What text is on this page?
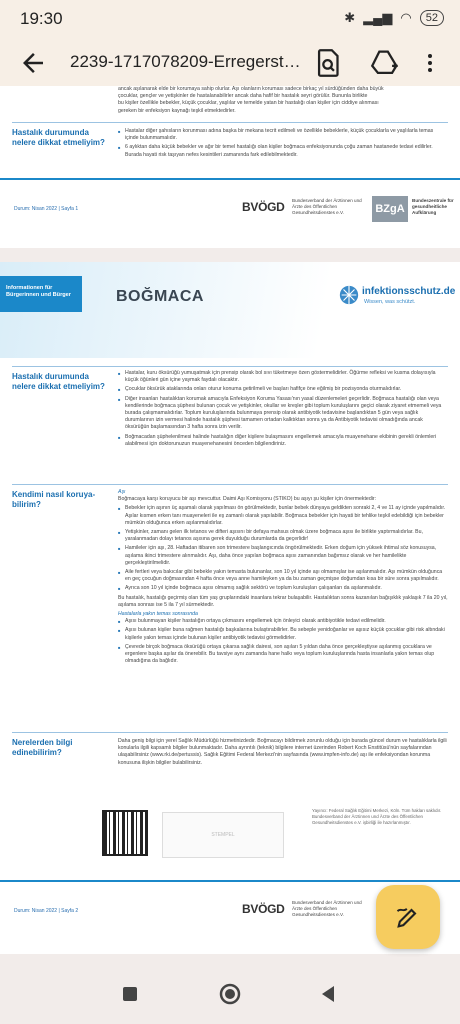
19:30	✱ ▂▄▆ ◠	52
2239-1717078209-Erregerst…
ancak aşılanarak elde bir korumaya sahip olurlar. Aşı olanların koruması sadece birkaç yıl sürdüğünden daha büyük
çocuklar, gençler ve yetişkinler de hastalanabilirler ancak daha hafif bir hastalık seyri görülür. Bununla birlikte
bu kişiler özellikle bebekler, küçük çocuklar, yaşlılar ve temelde yatan bir hastalığı olan kişiler için ciddiye alınması
gereken bir enfeksiyon kaynağı teşkil etmektedirler.
Hastalık durumunda nelere dikkat etmeliyim?
■ Hastalar diğer şahısların korunması adına başka bir mekana tecrit edilmeli ve özellikle bebeklerle, küçük çocuklarla ve yaşlılarla temas içinde bulunmamalıdır.
■ 6 aylıktan daha küçük bebekler ve ağır bir temel hastalığı olan kişiler boğmaca enfeksiyonunda çoğu zaman hastanede tedavi edilirler. Burada hayati risk taşıyan nefes kesintileri zamanında fark edilebilmektedir.
Durum: Nisan 2022 | Sayfa 1	BVÖGD Bundesverband der Ärztinnen und Ärzte des Öffentlichen Gesundheitsdienstes e.V.	BZgA
Bundeszentrale für gesundheitliche Aufklärung
Informationen für Bürgerinnen und Bürger	BOĞMACA	infektionsschutz.de
Wissen, was schützt.
Hastalık durumunda nelere dikkat etmeliyim?
■ Hastalar, kuru öksürüğü yumuşatmak için prensip olarak bol sıvı tüketmeye özen göstermelidirler. Öğürme refleksi ve kusma dolayısıyla küçük öğünleri gün içine yaymak faydalı olacaktır.
■ Çocuklar öksürük ataklarında onları oturur konuma getirilmeli ve başları hafifçe öne eğilmiş bir pozisyonda oturmalıdırlar.
■ Diğer insanları hastalıktan korumak amacıyla Enfeksiyon Koruma Yasası'nın yasal düzenlemeleri geçerlidir. Boğmaca hastalığı olan veya kendilerinde boğmaca şüphesi bulunan çocuk ve yetişkinler, okullar ve kreşler gibi toplum kuruluşlarını geçici olarak ziyaret etmemeli veya burada çalışmamalıdırlar. Toplum kuruluşlarında bulunmaya prensip olarak antibiyotik tedavisine başlandıktan 5 gün veya sağlık durumlarının izin vermesi halinde hastalık şüphesi tamamen ortadan kalktıktan sonra ya da Antibiyotik tedavisi olmadığında ancak öksürüğün başlamasından 3 hafta sonra izin verilir.
■ Boğmacadan şüphelenilmesi halinde hastalığın diğer kişilere bulaşmasını engellemek amacıyla muayenehane ekibinin gerekli önlemleri alabilmesi için doktorunuzun muayenehanesini önceden bilgilendiriniz.
Kendimi nasıl koruya-bilirim?
Aşı
Boğmacaya karşı koruyucu bir aşı mevcuttur. Daimi Aşı Komisyonu (STIKO) bu aşıyı şu kişiler için önermektedir:
■ Bebekler için aşının üç aşamalı olarak yapılması ön görülmektedir, bunlar bebek dünyaya geldikten sonraki 2, 4 ve 11 ay içinde yapılmalıdır. Aşılar kısmen erken tanı muayeneleri ile eş zamanlı olarak yapılabilir. Boğmaca bebekler için hayati bir tehlike teşkil edebildiği için bebekler mümkün olduğunca erken aşılanmalıdırlar.
■ Yetişkinler, zamanı gelen ilk tetanos ve difteri aşısını bir defaya mahsus olmak üzere boğmaca aşısı ile birlikte yaptırmalıdırlar. Bu, yaralanmadan dolayı tetanos aşısına gerek duyulduğu durumlarda da geçerlidir!
■ Hamileler için aşı, 28. Haftadan itibaren son trimestere başlangıcında öngörülmektedir. Erken doğum için yüksek ihtimal söz konusuysa, aşılama ikinci trimestere alınmalıdır. Aşı, daha önce yapılan boğmaca aşısı zamanından bağımsız olarak ve her hamilelikte gerçekleştirilmelidir.
■ Aile fertleri veya bakıcılar gibi bebekle yakın temasta bulunanlar, son 10 yıl içinde aşı olmamışlar ise aşılanmalıdır. Aşı mümkün olduğunca en geç çocuğun doğmasından 4 hafta önce veya anne hamileyken ya da bu zaman geçmişse doğumdan kısa bir süre sonra yapılmalıdır.
■ Ayrıca son 10 yıl içinde boğmaca aşısı olmamış sağlık sektörü ve toplum kuruluşları çalışanları da aşılanmalıdır.
Bu hastalık, hastalığı geçirmiş olan tüm yaş gruplarındaki insanlara tekrar bulaşabilir. Hastalıktan sonra kazanılan bağışıklık yaklaşık 7 ila 20 yıl, aşılama sonrası ise 5 ila 7 yıl sürmektedir.
Hastalarla yakın temas sonrasında
■ Aşısı bulunmayan kişiler hastalığın ortaya çıkmasını engellemek için önleyici olarak antibiyotikle tedavi edilmelidir.
■ Aşısı bulunan kişiler buna rağmen hastalığı başkalarına bulaştırabilirler. Bu sebeple yenidoğanlar ve aşısız küçük çocuklar gibi risk altındaki kişilerle yakın temas içinde bulunan kişiler antibiyotik tedavisi görmelidirler.
■ Çevrede birçok boğmaca öksürüğü ortaya çıkarsa sağlık dairesi, son aşıları 5 yıldan daha önce gerçekleştiyse aşılanmış çocuklara ve ergenlere başka aşılar da önerebilir. Bu tavsiye aynı zamanda hane halkı veya toplum kuruluşlarında hasta insanlarla yakın temas olup olmadığına da bağlıdır.
Nerelerden bilgi edinebilirim?
Daha geniş bilgi için yerel Sağlık Müdürlüğü hizmetinizdedir. Boğmacayı bildirmek zorunlu olduğu için burada güncel durum ve hastalıklarla ilgili konularla ilgili kapsamlı bilgiler bulunmaktadır. Daha ayrıntılı (teknik) bilgilere internet üzerinden Robert Koch Enstitüsü'nün sayfalarından ulaşabilirsiniz (www.rki.de/pertussis). Sağlık Eğitimi Federal Merkezi'nin sayfasında (www.impfen-info.de) aşı ile enfeksiyondan korunma konusuna ilişkin bilgiler bulabilirsiniz.
STEMPEL
Yayıncı: Federal Sağlık Eğitimi Merkezi, Köln. Tüm hakları saklıdır. Bundesverband der Ärztinnen und Ärzte des Öffentlichen Gesundheitsdienstes e.V. işbirliği ile hazırlanmıştır.
Durum: Nisan 2022 | Sayfa 2	BVÖGD Bundesverband der Ärztinnen und Ärzte des Öffentlichen Gesundheitsdienstes e.V.
